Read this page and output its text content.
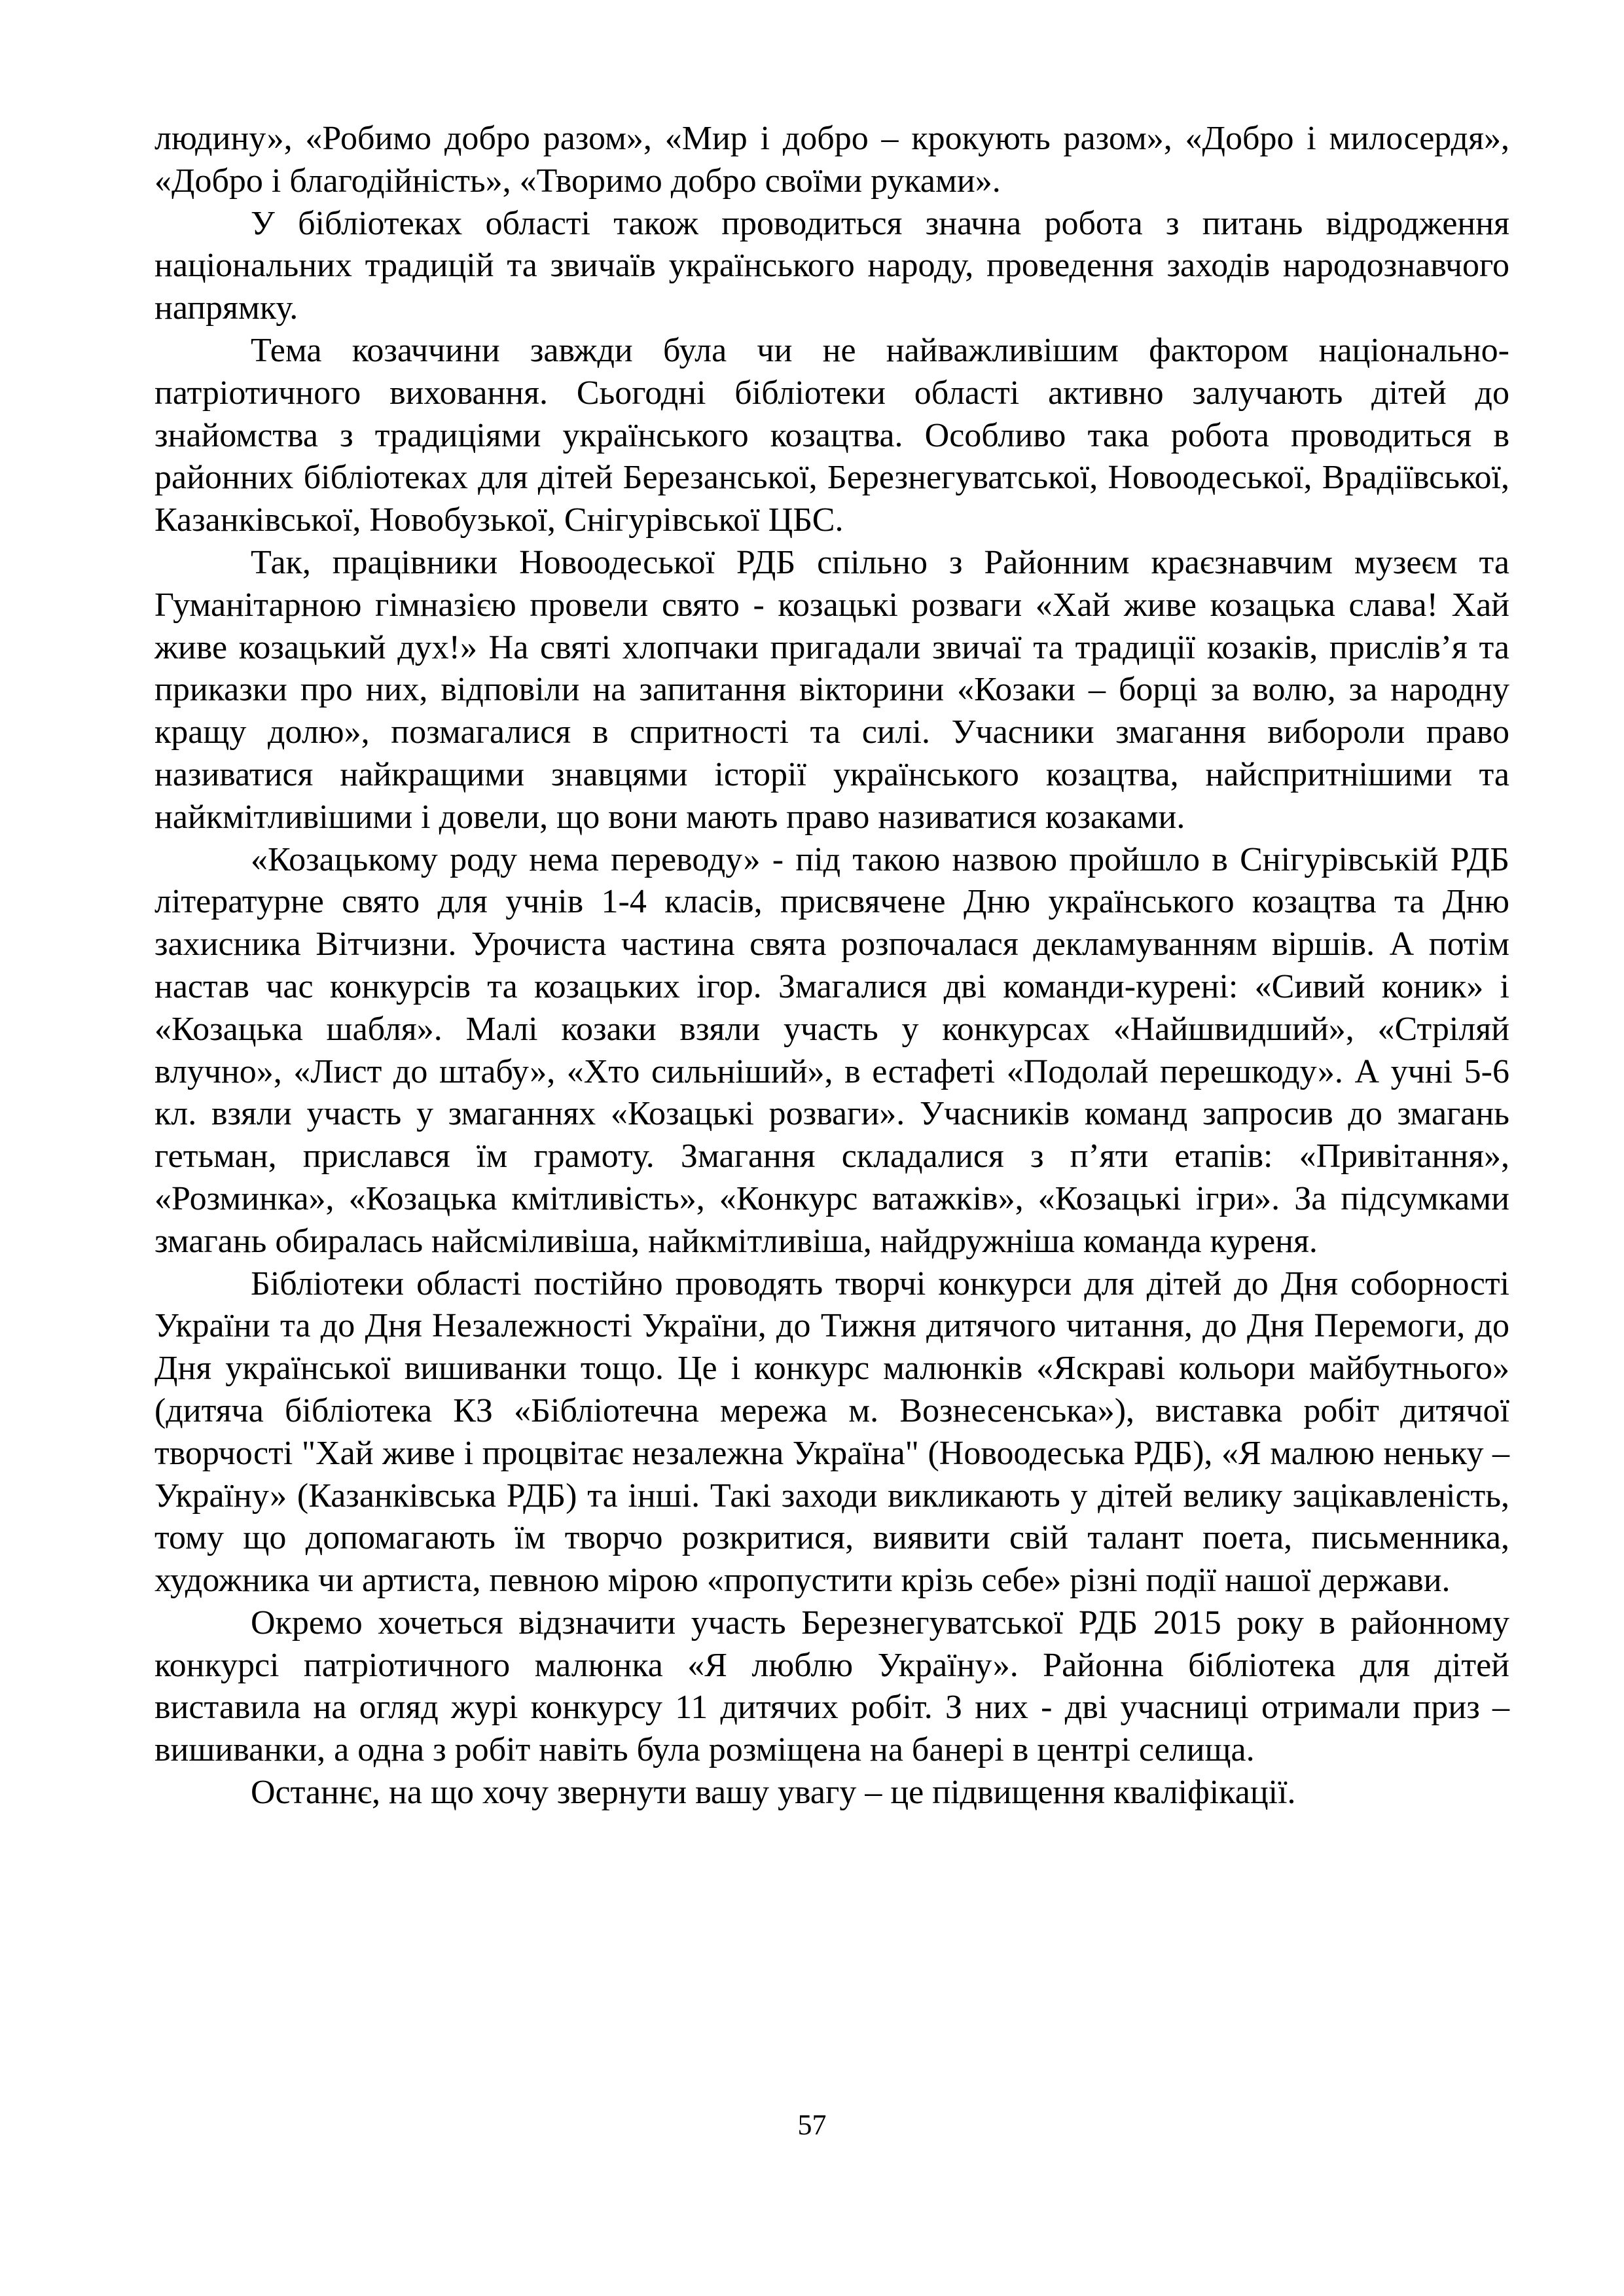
людину», «Робимо добро разом», «Мир і добро – крокують разом», «Добро і милосердя», «Добро і благодійність», «Творимо добро своїми руками».

У бібліотеках області також проводиться значна робота з питань відродження національних традицій та звичаїв українського народу, проведення заходів народознавчого напрямку.

Тема козаччини завжди була чи не найважливішим фактором національно-патріотичного виховання. Сьогодні бібліотеки області активно залучають дітей до знайомства з традиціями українського козацтва. Особливо така робота проводиться в районних бібліотеках для дітей Березанської, Березнегуватської, Новоодеської, Врадіївської, Казанківської, Новобузької, Снігурівської ЦБС.

Так, працівники Новоодеської РДБ спільно з Районним краєзнавчим музеєм та Гуманітарною гімназією провели свято - козацькі розваги «Хай живе козацька слава! Хай живе козацький дух!» На святі хлопчаки пригадали звичаї та традиції козаків, прислів’я та приказки про них, відповіли на запитання вікторини «Козаки – борці за волю, за народну кращу долю», позмагалися в спритності та силі. Учасники змагання вибороли право називатися найкращими знавцями історії українського козацтва, найспритнішими та найкмітливішими і довели, що вони мають право називатися козаками.

«Козацькому роду нема переводу» - під такою назвою пройшло в Снігурівській РДБ літературне свято для учнів 1-4 класів, присвячене Дню українського козацтва та Дню захисника Вітчизни. Урочиста частина свята розпочалася декламуванням віршів. А потім настав час конкурсів та козацьких ігор. Змагалися дві команди-курені: «Сивий коник» і «Козацька шабля». Малі козаки взяли участь у конкурсах «Найшвидший», «Стріляй влучно», «Лист до штабу», «Хто сильніший», в естафеті «Подолай перешкоду». А учні 5-6 кл. взяли участь у змаганнях «Козацькі розваги». Учасників команд запросив до змагань гетьман, прислався їм грамоту. Змагання складалися з п’яти етапів: «Привітання», «Розминка», «Козацька кмітливість», «Конкурс ватажків», «Козацькі ігри». За підсумками змагань обиралась найсміливіша, найкмітливіша, найдружніша команда куреня.

Бібліотеки області постійно проводять творчі конкурси для дітей до Дня соборності України та до Дня Незалежності України, до Тижня дитячого читання, до Дня Перемоги, до Дня української вишиванки тощо. Це і конкурс малюнків «Яскраві кольори майбутнього» (дитяча бібліотека КЗ «Бібліотечна мережа м. Вознесенська»), виставка робіт дитячої творчості "Хай живе і процвітає незалежна Україна" (Новоодеська РДБ), «Я малюю неньку – Україну» (Казанківська РДБ) та інші. Такі заходи викликають у дітей велику зацікавленість, тому що допомагають їм творчо розкритися, виявити свій талант поета, письменника, художника чи артиста, певною мірою «пропустити крізь себе» різні події нашої держави.

Окремо хочеться відзначити участь Березнегуватської РДБ 2015 року в районному конкурсі патріотичного малюнка «Я люблю Україну». Районна бібліотека для дітей виставила на огляд журі конкурсу 11 дитячих робіт. З них - дві учасниці отримали приз – вишиванки, а одна з робіт навіть була розміщена на банері в центрі селища.

Останнє, на що хочу звернути вашу увагу – це підвищення кваліфікації.

57
